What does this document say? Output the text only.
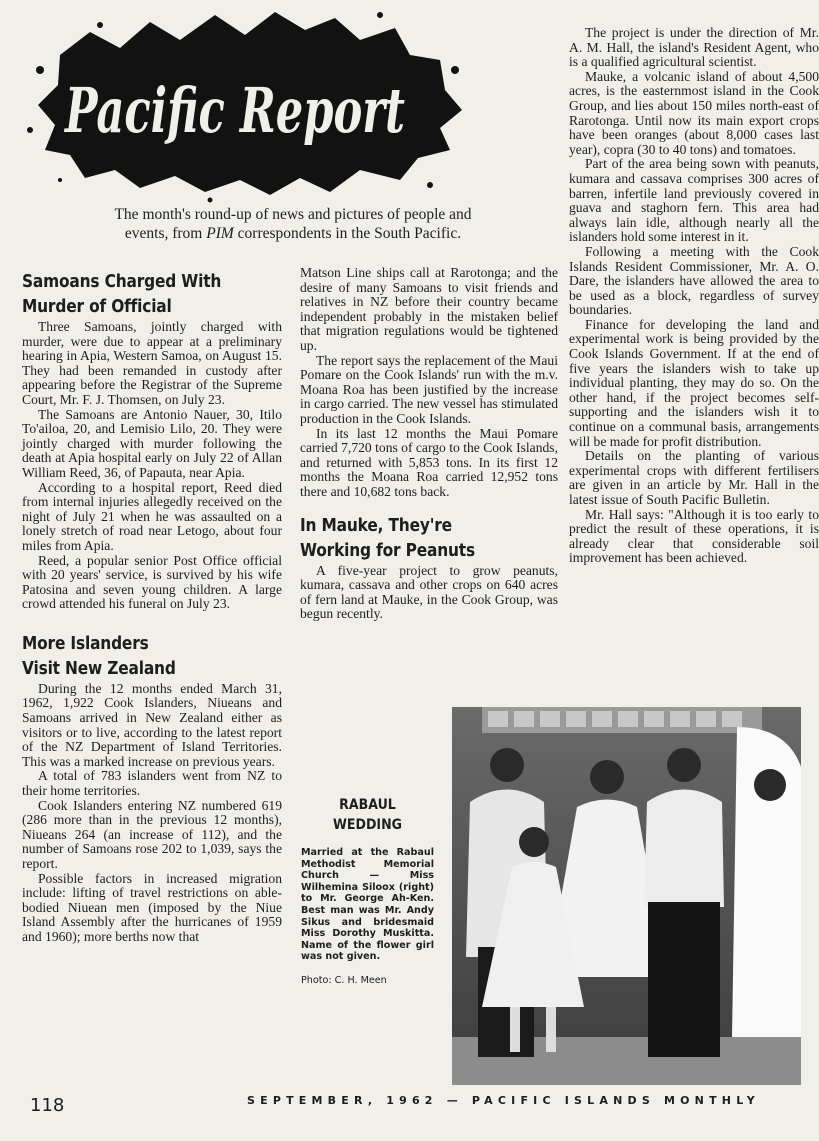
Pacific Report
The month's round-up of news and pictures of people and
events, from PIM correspondents in the South Pacific.
Samoans Charged With
Murder of Official

Three Samoans, jointly charged with murder, were due to appear at a preliminary hearing in Apia, Western Samoa, on August 15. They had been remanded in custody after appearing before the Registrar of the Supreme Court, Mr. F. J. Thomsen, on July 23.

The Samoans are Antonio Nauer, 30, Itilo To'ailoa, 20, and Lemisio Lilo, 20. They were jointly charged with murder following the death at Apia hospital early on July 22 of Allan William Reed, 36, of Papauta, near Apia.

According to a hospital report, Reed died from internal injuries allegedly received on the night of July 21 when he was assaulted on a lonely stretch of road near Letogo, about four miles from Apia.

Reed, a popular senior Post Office official with 20 years' service, is survived by his wife Patosina and seven young children. A large crowd attended his funeral on July 23.

More Islanders
Visit New Zealand

During the 12 months ended March 31, 1962, 1,922 Cook Islanders, Niueans and Samoans arrived in New Zealand either as visitors or to live, according to the latest report of the NZ Department of Island Territories. This was a marked increase on previous years.

A total of 783 islanders went from NZ to their home territories.

Cook Islanders entering NZ numbered 619 (286 more than in the previous 12 months), Niueans 264 (an increase of 112), and the number of Samoans rose 202 to 1,039, says the report.

Possible factors in increased migration include: lifting of travel restrictions on able-bodied Niuean men (imposed by the Niue Island Assembly after the hurricanes of 1959 and 1960); more berths now that

Matson Line ships call at Rarotonga; and the desire of many Samoans to visit friends and relatives in NZ before their country became independent probably in the mistaken belief that migration regulations would be tightened up.

The report says the replacement of the Maui Pomare on the Cook Islands' run with the m.v. Moana Roa has been justified by the increase in cargo carried. The new vessel has stimulated production in the Cook Islands.

In its last 12 months the Maui Pomare carried 7,720 tons of cargo to the Cook Islands, and returned with 5,853 tons. In its first 12 months the Moana Roa carried 12,952 tons there and 10,682 tons back.

In Mauke, They're
Working for Peanuts

A five-year project to grow peanuts, kumara, cassava and other crops on 640 acres of fern land at Mauke, in the Cook Group, was begun recently.

The project is under the direction of Mr. A. M. Hall, the island's Resident Agent, who is a qualified agricultural scientist.

Mauke, a volcanic island of about 4,500 acres, is the easternmost island in the Cook Group, and lies about 150 miles north-east of Rarotonga. Until now its main export crops have been oranges (about 8,000 cases last year), copra (30 to 40 tons) and tomatoes.

Part of the area being sown with peanuts, kumara and cassava comprises 300 acres of barren, infertile land previously covered in guava and staghorn fern. This area had always lain idle, although nearly all the islanders hold some interest in it.

Following a meeting with the Cook Islands Resident Commissioner, Mr. A. O. Dare, the islanders have allowed the area to be used as a block, regardless of survey boundaries.

Finance for developing the land and experimental work is being provided by the Cook Islands Government. If at the end of five years the islanders wish to take up individual planting, they may do so. On the other hand, if the project becomes self-supporting and the islanders wish it to continue on a communal basis, arrangements will be made for profit distribution.

Details on the planting of various experimental crops with different fertilisers are given in an article by Mr. Hall in the latest issue of South Pacific Bulletin.

Mr. Hall says: "Although it is too early to predict the result of these operations, it is already clear that considerable soil improvement has been achieved.

RABAUL
WEDDING
Married at the Rabaul Methodist Memorial Church — Miss Wilhemina Siloox (right) to Mr. George Ah-Ken. Best man was Mr. Andy Sikus and bridesmaid Miss Dorothy Muskitta. Name of the flower girl was not given.
Photo: C. H. Meen
118	SEPTEMBER, 1962 — PACIFIC ISLANDS MONTHLY
